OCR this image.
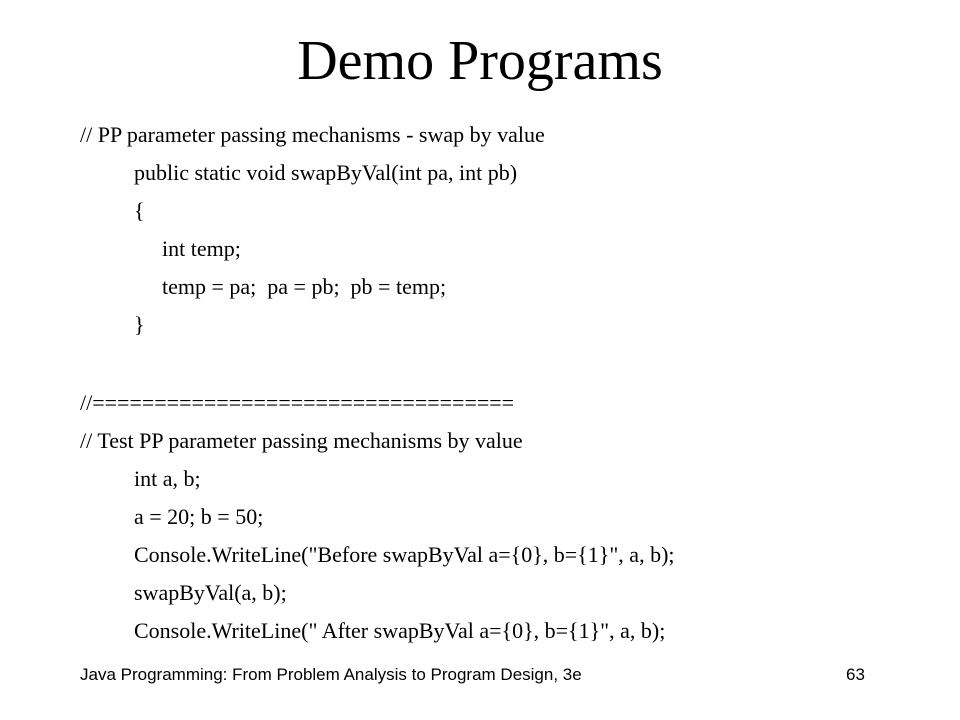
Demo Programs
// PP parameter passing mechanisms - swap by value
public static void swapByVal(int pa, int pb)
{
int temp;
temp = pa;  pa = pb;  pb = temp;
}
//==================================
// Test PP parameter passing mechanisms by value
int a, b;
a = 20; b = 50;
Console.WriteLine("Before swapByVal a={0}, b={1}", a, b);
swapByVal(a, b);
Console.WriteLine(" After swapByVal a={0}, b={1}", a, b);
Java Programming: From Problem Analysis to Program Design, 3e	63
